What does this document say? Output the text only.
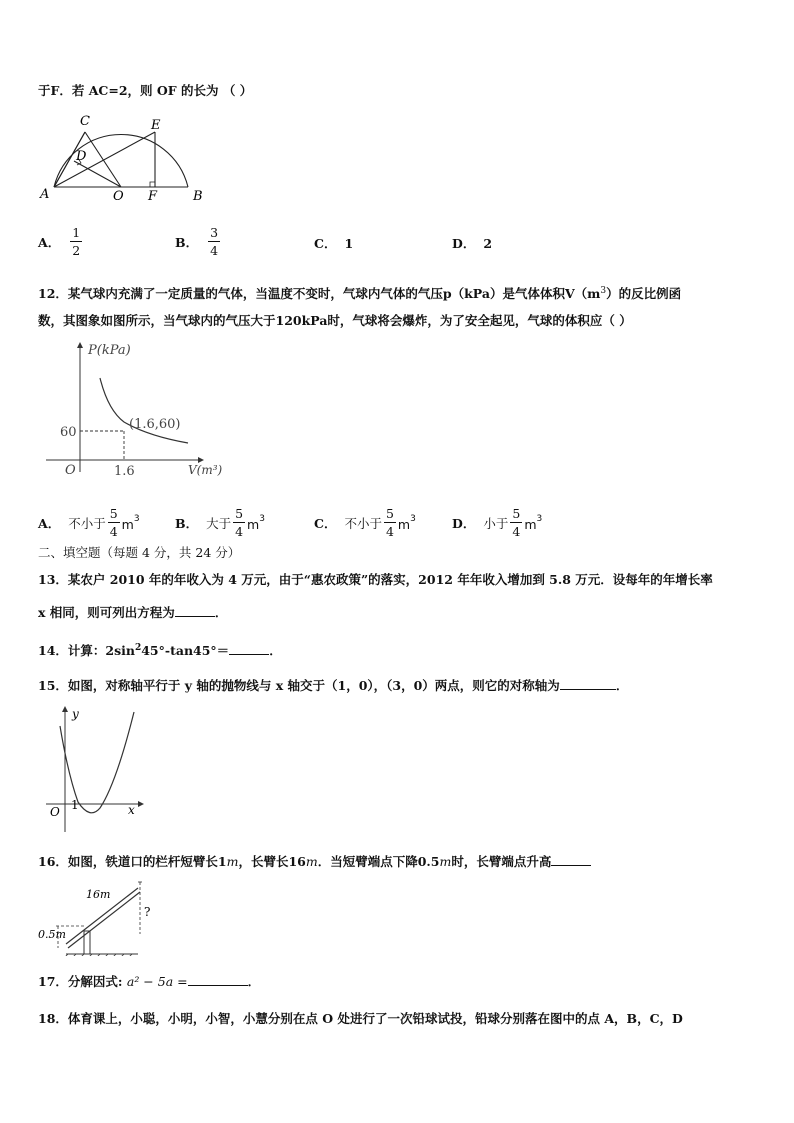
于F．若 AC=2，则 OF 的长为 （ ）
A	B
C
D
E
O F
A． $\frac{1}{2}$	B． $\frac{3}{4}$	C． 1	D． 2
12．某气球内充满了一定质量的气体，当温度不变时，气球内气体的气压p（kPa）是气体体积$V(m^3)$的反比例函
数，其图象如图所示，当气球内的气压大于120kPa时，气球将会爆炸，为了安全起见，气球的体积应（ ）
P(kPa)
V(m³)
O
60
1.6
(1.6,60)
A． 不小于 $\frac{5}{4} m^3$	B． 大于 $\frac{5}{4} m^3$	C． 不小于 $\frac{5}{4} m^3$	D． 小于 $\frac{5}{4} m^3$
二、填空题（每题 4 分，共 24 分）
13．某农户 2010 年的年收入为 4 万元，由于“惠农政策”的落实，2012 年年收入增加到 5.8 万元．设每年的年增长率
x 相同，则可列出方程为	．
14．计算：$2\sin^245^\circ-\tan 45^\circ=$	．
15．如图，对称轴平行于 y 轴的抛物线与 x 轴交于（1，0），（3，0）两点，则它的对称轴为	．
y
x
O 1
16．如图，铁道口的栏杆短臂长1m，长臂长16m．当短臂端点下降0.5m时，长臂端点升高
16m
0.5m
?
17．分解因式: a² − 5a =	．
18．体育课上，小聪，小明，小智，小慧分别在点 O 处进行了一次铅球试投，铅球分别落在图中的点 A，B，C，D
